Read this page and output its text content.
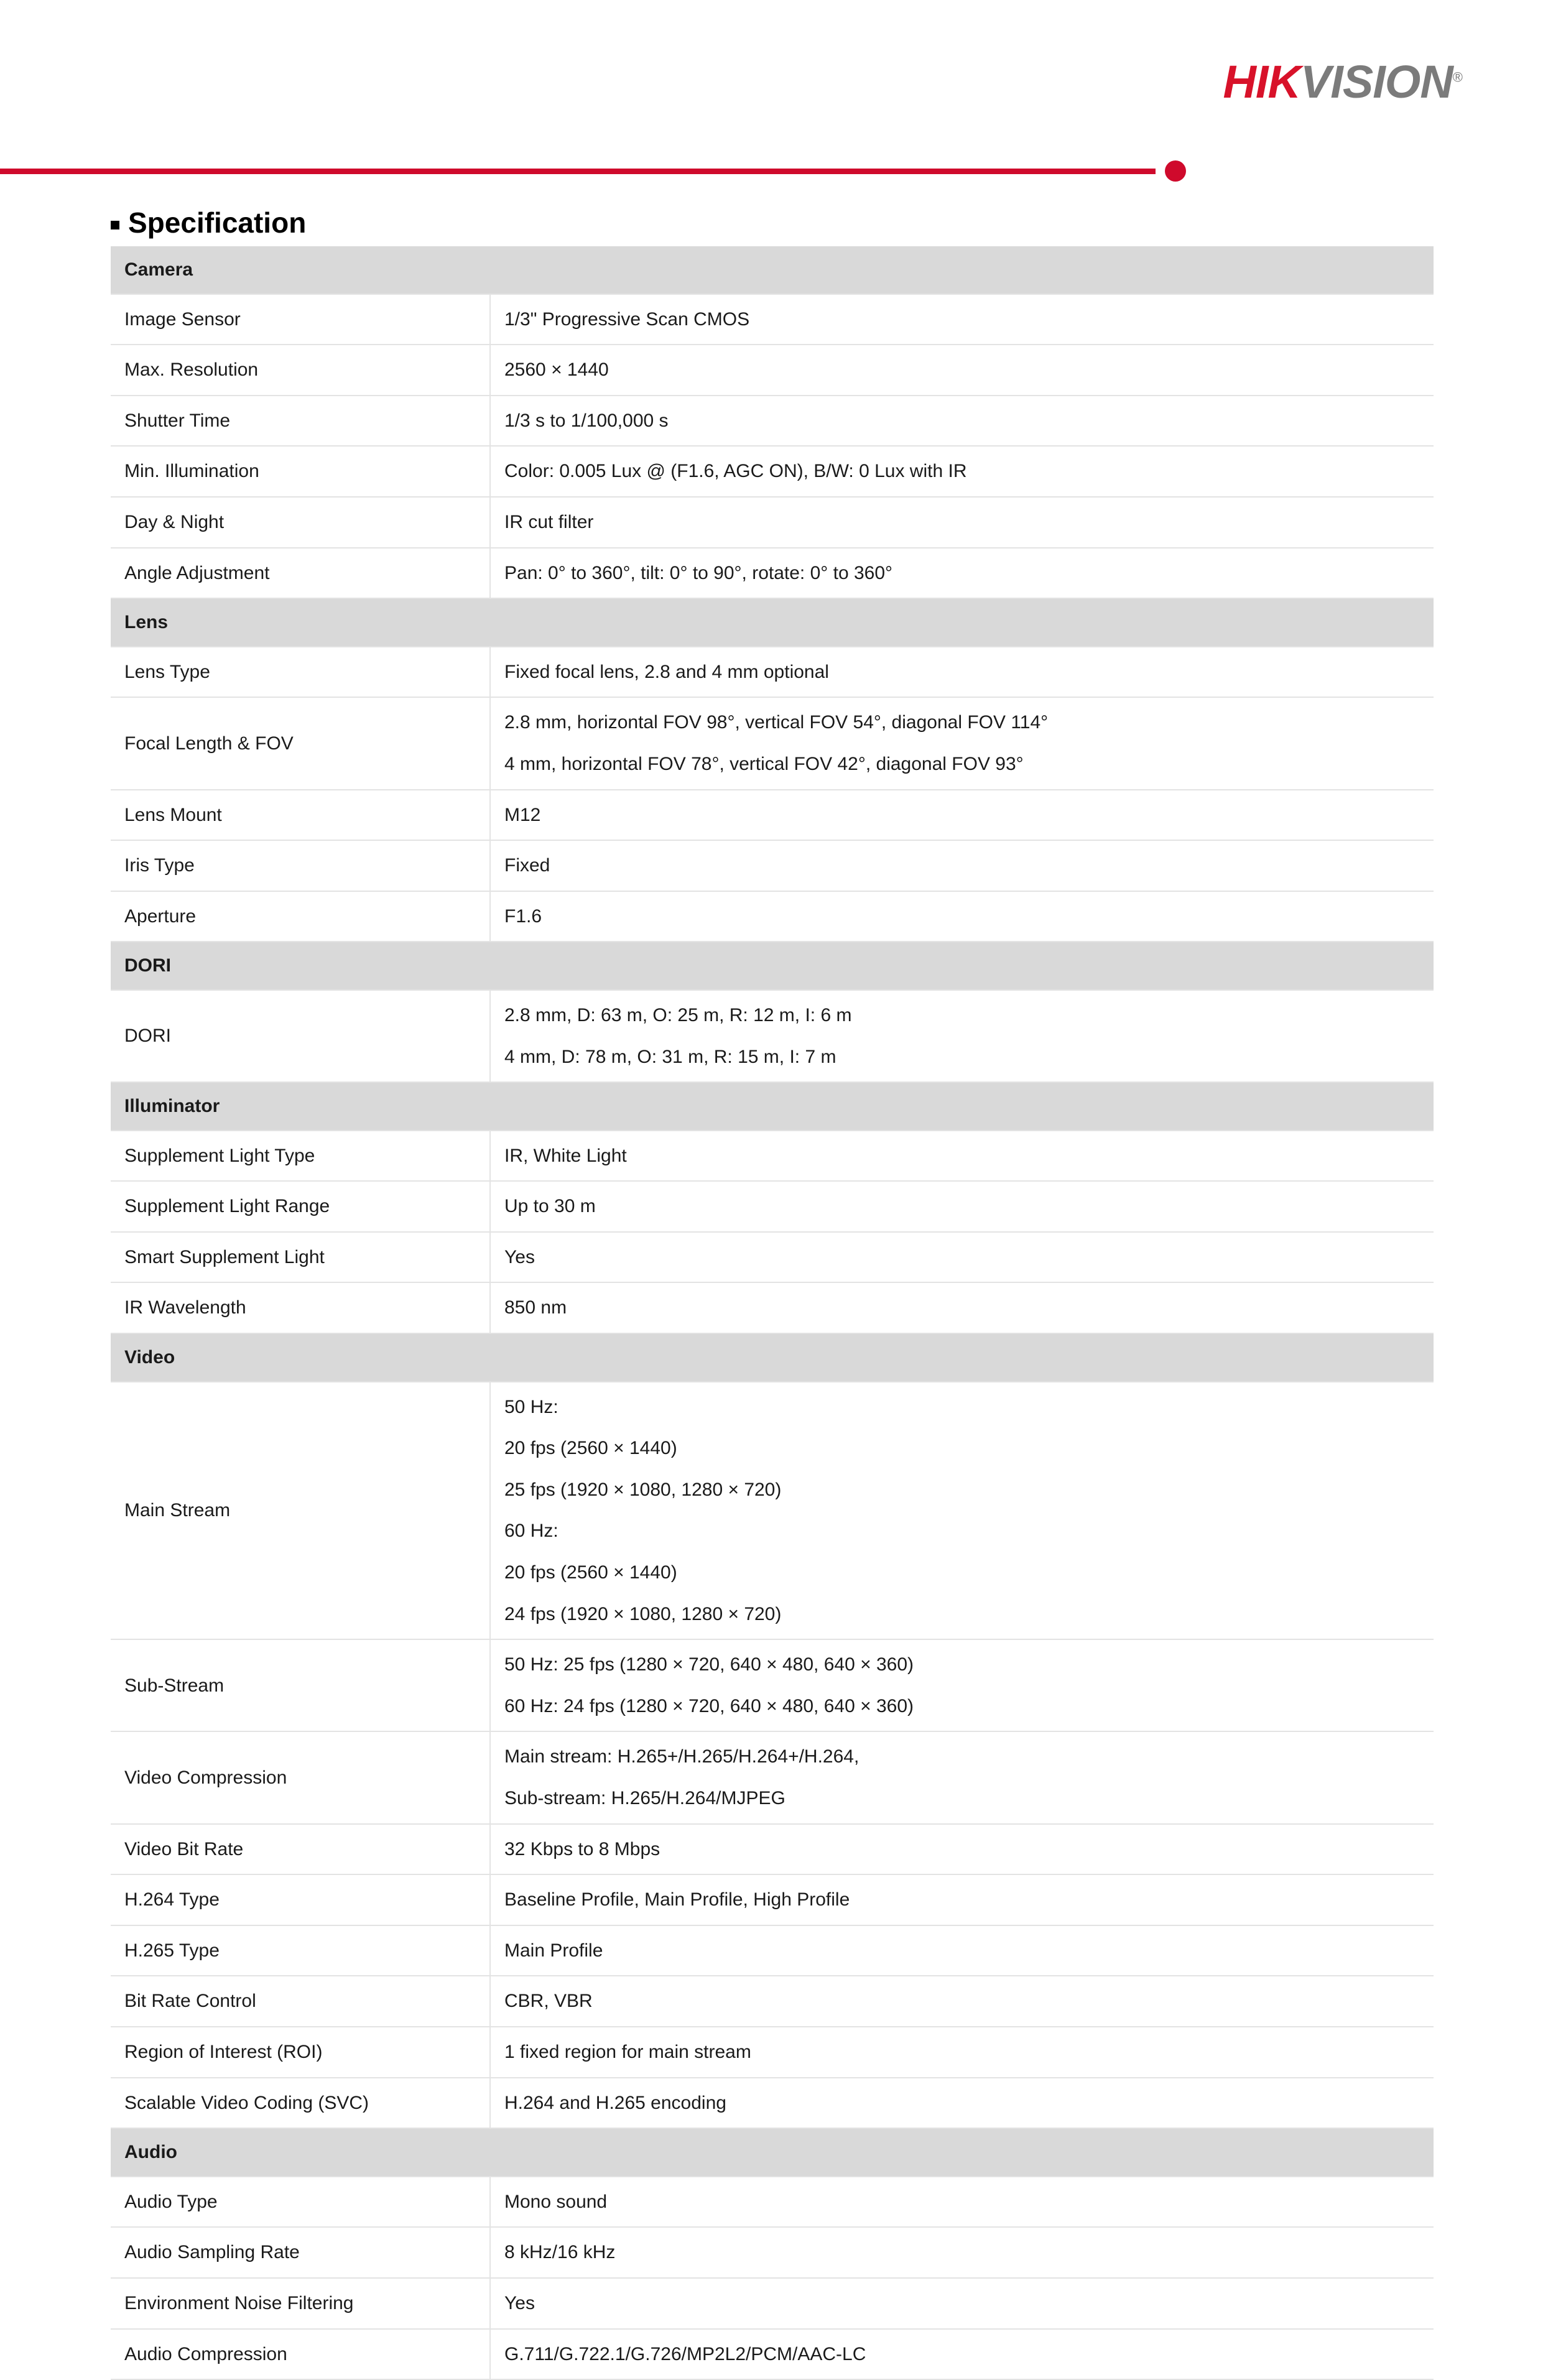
HIKVISION®
Specification
Camera	
Image Sensor	1/3" Progressive Scan CMOS
Max. Resolution	2560 × 1440
Shutter Time	1/3 s to 1/100,000 s
Min. Illumination	Color: 0.005 Lux @ (F1.6, AGC ON), B/W: 0 Lux with IR
Day & Night	IR cut filter
Angle Adjustment	Pan: 0° to 360°, tilt: 0° to 90°, rotate: 0° to 360°
Lens	
Lens Type	Fixed focal lens, 2.8 and 4 mm optional
Focal Length & FOV	2.8 mm, horizontal FOV 98°, vertical FOV 54°, diagonal FOV 114°
4 mm, horizontal FOV 78°, vertical FOV 42°, diagonal FOV 93°

Lens Mount	M12
Iris Type	Fixed
Aperture	F1.6
DORI	
DORI	2.8 mm, D: 63 m, O: 25 m, R: 12 m, I: 6 m
4 mm, D: 78 m, O: 31 m, R: 15 m, I: 7 m

Illuminator	
Supplement Light Type	IR, White Light
Supplement Light Range	Up to 30 m
Smart Supplement Light	Yes
IR Wavelength	850 nm
Video	
Main Stream	
50 Hz:
20 fps (2560 × 1440)
25 fps (1920 × 1080, 1280 × 720)
60 Hz:
20 fps (2560 × 1440)
24 fps (1920 × 1080, 1280 × 720)

Sub-Stream	50 Hz: 25 fps (1280 × 720, 640 × 480, 640 × 360)
60 Hz: 24 fps (1280 × 720, 640 × 480, 640 × 360)

Video Compression	Main stream: H.265+/H.265/H.264+/H.264,
Sub-stream: H.265/H.264/MJPEG

Video Bit Rate	32 Kbps to 8 Mbps
H.264 Type	Baseline Profile, Main Profile, High Profile
H.265 Type	Main Profile
Bit Rate Control	CBR, VBR
Region of Interest (ROI)	1 fixed region for main stream
Scalable Video Coding (SVC)	H.264 and H.265 encoding
Audio	
Audio Type	Mono sound
Audio Sampling Rate	8 kHz/16 kHz
Environment Noise Filtering	Yes
Audio Compression	G.711/G.722.1/G.726/MP2L2/PCM/AAC-LC
